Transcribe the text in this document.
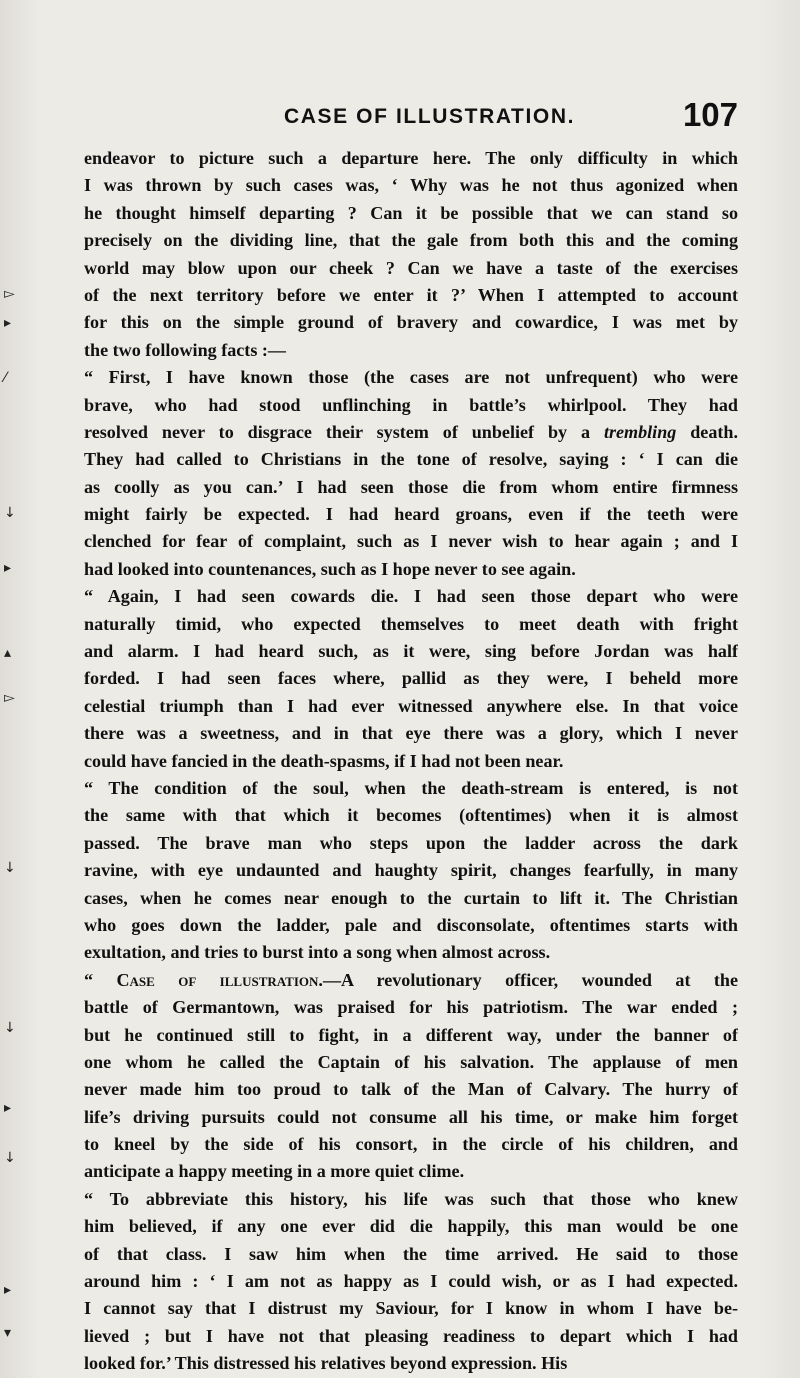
▻
▸
⁄
↓
▸
▴
▻
↓
↓
▸
↓
▸
▾
CASE OF ILLUSTRATION.	107
endeavor to picture such a departure here. The only difficulty in which
I was thrown by such cases was, ‘ Why was he not thus agonized when
he thought himself departing ? Can it be possible that we can stand so
precisely on the dividing line, that the gale from both this and the coming
world may blow upon our cheek ? Can we have a taste of the exercises
of the next territory before we enter it ?’ When I attempted to account
for this on the simple ground of bravery and cowardice, I was met by
the two following facts :—
“ First, I have known those (the cases are not unfrequent) who were
brave, who had stood unflinching in battle’s whirlpool. They had
resolved never to disgrace their system of unbelief by a trembling death.
They had called to Christians in the tone of resolve, saying : ‘ I can die
as coolly as you can.’ I had seen those die from whom entire firmness
might fairly be expected. I had heard groans, even if the teeth were
clenched for fear of complaint, such as I never wish to hear again ; and I
had looked into countenances, such as I hope never to see again.
“ Again, I had seen cowards die. I had seen those depart who were
naturally timid, who expected themselves to meet death with fright
and alarm. I had heard such, as it were, sing before Jordan was half
forded. I had seen faces where, pallid as they were, I beheld more
celestial triumph than I had ever witnessed anywhere else. In that voice
there was a sweetness, and in that eye there was a glory, which I never
could have fancied in the death-spasms, if I had not been near.
“ The condition of the soul, when the death-stream is entered, is not
the same with that which it becomes (oftentimes) when it is almost
passed. The brave man who steps upon the ladder across the dark
ravine, with eye undaunted and haughty spirit, changes fearfully, in many
cases, when he comes near enough to the curtain to lift it. The Christian
who goes down the ladder, pale and disconsolate, oftentimes starts with
exultation, and tries to burst into a song when almost across.
“ Case of illustration.—A revolutionary officer, wounded at the
battle of Germantown, was praised for his patriotism. The war ended ;
but he continued still to fight, in a different way, under the banner of
one whom he called the Captain of his salvation. The applause of men
never made him too proud to talk of the Man of Calvary. The hurry of
life’s driving pursuits could not consume all his time, or make him forget
to kneel by the side of his consort, in the circle of his children, and
anticipate a happy meeting in a more quiet clime.
“ To abbreviate this history, his life was such that those who knew
him believed, if any one ever did die happily, this man would be one
of that class. I saw him when the time arrived. He said to those
around him : ‘ I am not as happy as I could wish, or as I had expected.
I cannot say that I distrust my Saviour, for I know in whom I have be-
lieved ; but I have not that pleasing readiness to depart which I had
looked for.’ This distressed his relatives beyond expression. His
